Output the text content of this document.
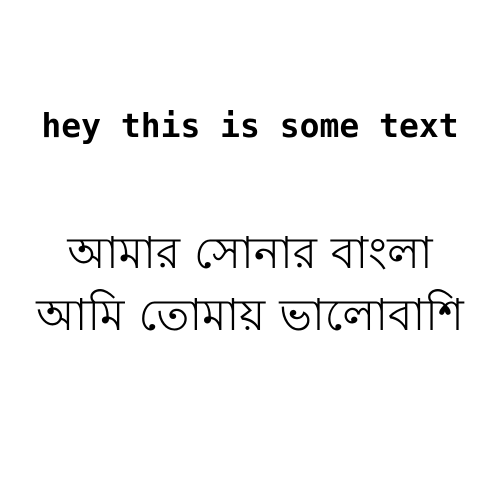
hey this is some text
আমার সোনার বাংলা
আমি তোমায় ভালোবাশি
